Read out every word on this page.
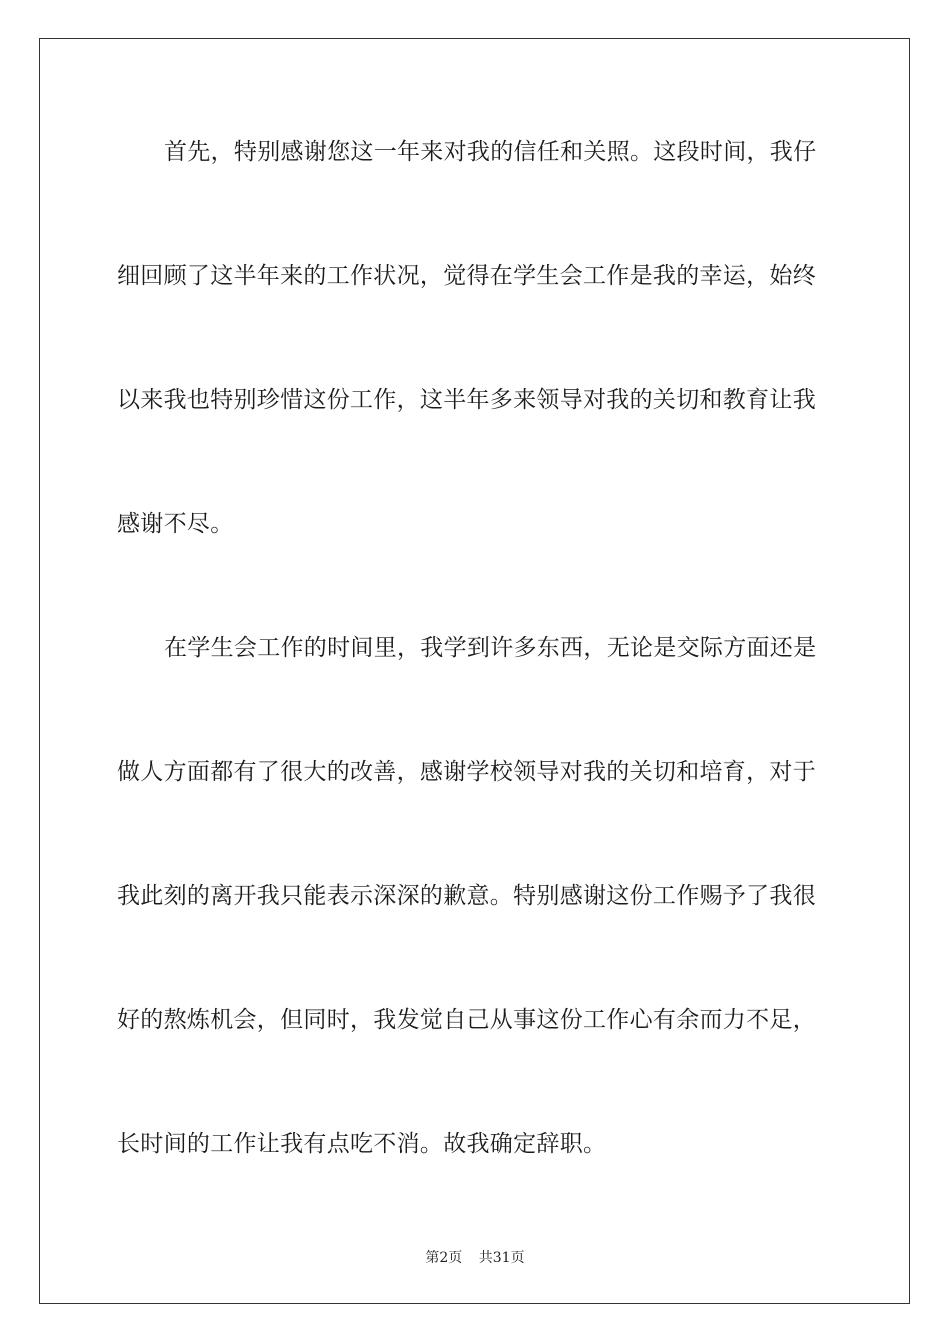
首先，特别感谢您这一年来对我的信任和关照。这段时间，我仔
细回顾了这半年来的工作状况，觉得在学生会工作是我的幸运，始终
以来我也特别珍惜这份工作，这半年多来领导对我的关切和教育让我
感谢不尽。
在学生会工作的时间里，我学到许多东西，无论是交际方面还是
做人方面都有了很大的改善，感谢学校领导对我的关切和培育，对于
我此刻的离开我只能表示深深的歉意。特别感谢这份工作赐予了我很
好的熬炼机会，但同时，我发觉自己从事这份工作心有余而力不足，
长时间的工作让我有点吃不消。故我确定辞职。
第2页 共31页
